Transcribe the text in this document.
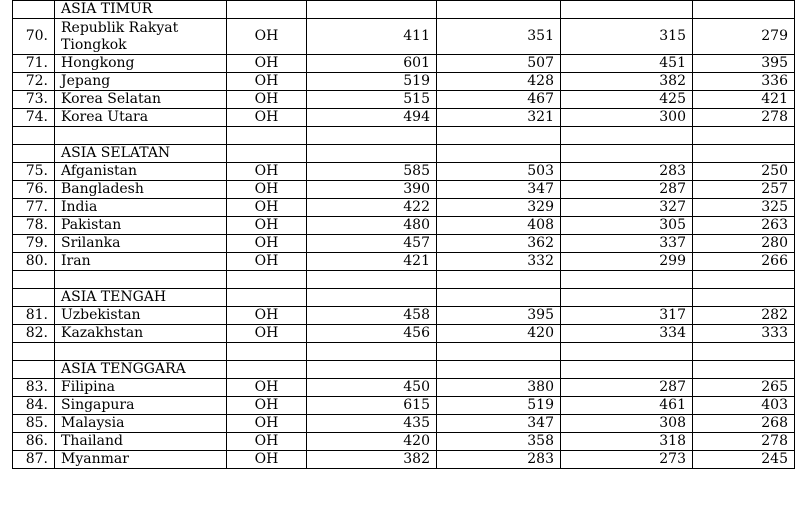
	ASIA TIMUR					
70.	Republik Rakyat Tiongkok	OH	411	351	315	279
71.	Hongkong	OH	601	507	451	395
72.	Jepang	OH	519	428	382	336
73.	Korea Selatan	OH	515	467	425	421
74.	Korea Utara	OH	494	321	300	278

	ASIA SELATAN					
75.	Afganistan	OH	585	503	283	250
76.	Bangladesh	OH	390	347	287	257
77.	India	OH	422	329	327	325
78.	Pakistan	OH	480	408	305	263
79.	Srilanka	OH	457	362	337	280
80.	Iran	OH	421	332	299	266

	ASIA TENGAH					
81.	Uzbekistan	OH	458	395	317	282
82.	Kazakhstan	OH	456	420	334	333

	ASIA TENGGARA					
83.	Filipina	OH	450	380	287	265
84.	Singapura	OH	615	519	461	403
85.	Malaysia	OH	435	347	308	268
86.	Thailand	OH	420	358	318	278
87.	Myanmar	OH	382	283	273	245
